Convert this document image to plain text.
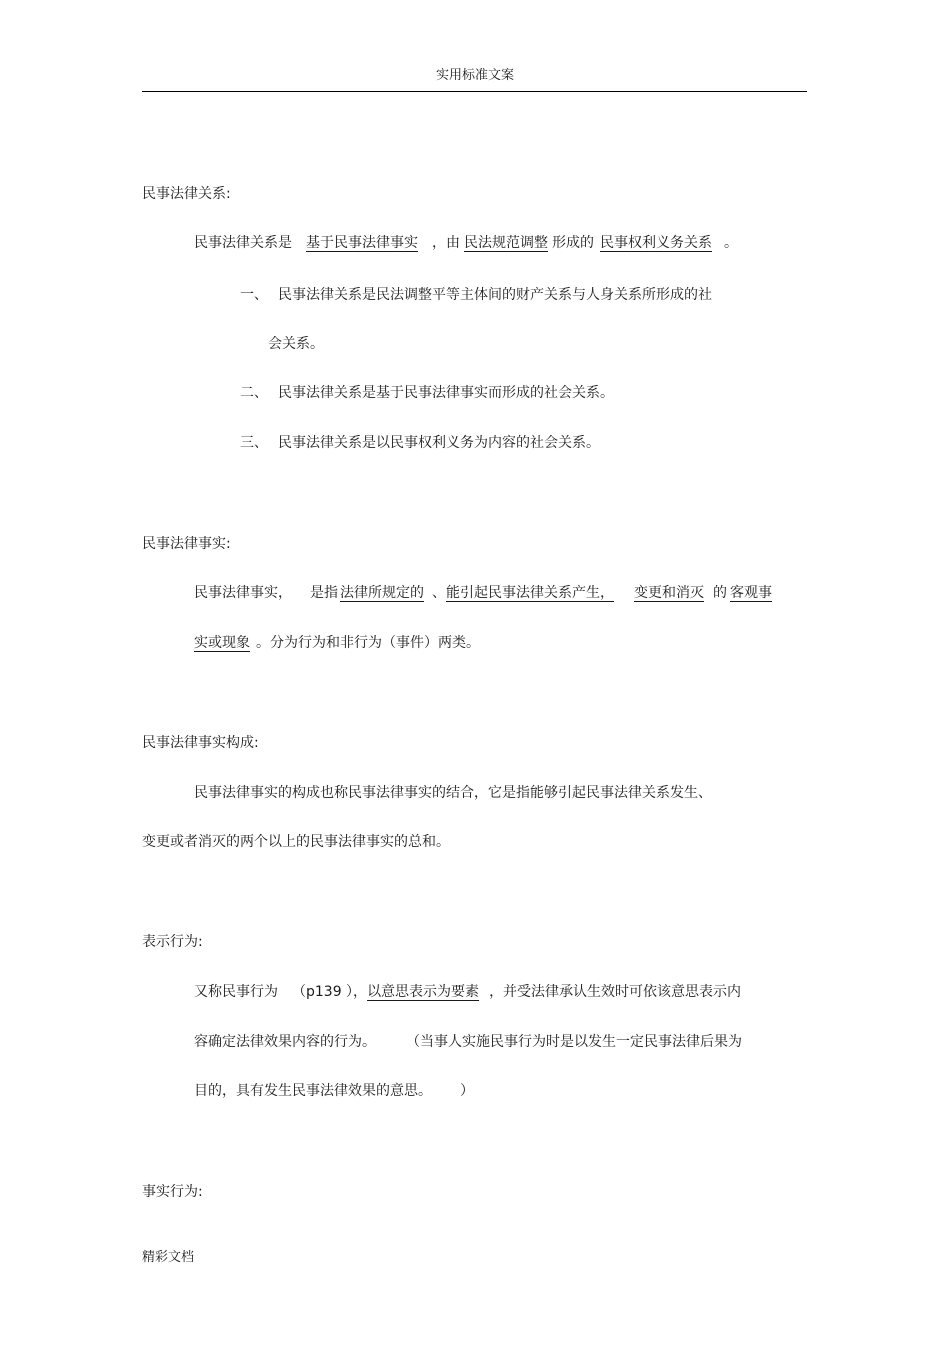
实用标准文案
民事法律关系:
民事法律关系是 基于民事法律事实 ，由 民法规范调整 形成的 民事权利义务关系 。
一、 民事法律关系是民法调整平等主体间的财产关系与人身关系所形成的社
会关系。
二、 民事法律关系是基于民事法律事实而形成的社会关系。
三、 民事法律关系是以民事权利义务为内容的社会关系。
民事法律事实:
民事法律事实， 是指 法律所规定的 、能引起民事法律关系产生， 变更和消灭 的 客观事
实或现象 。分为行为和非行为（事件）两类。
民事法律事实构成:
民事法律事实的构成也称民事法律事实的结合，它是指能够引起民事法律关系发生、
变更或者消灭的两个以上的民事法律事实的总和。
表示行为:
又称民事行为 （p139 ），以意思表示为要素 ，并受法律承认生效时可依该意思表示内
容确定法律效果内容的行为。 （当事人实施民事行为时是以发生一定民事法律后果为
目的，具有发生民事法律效果的意思。 ）
事实行为:
精彩文档
